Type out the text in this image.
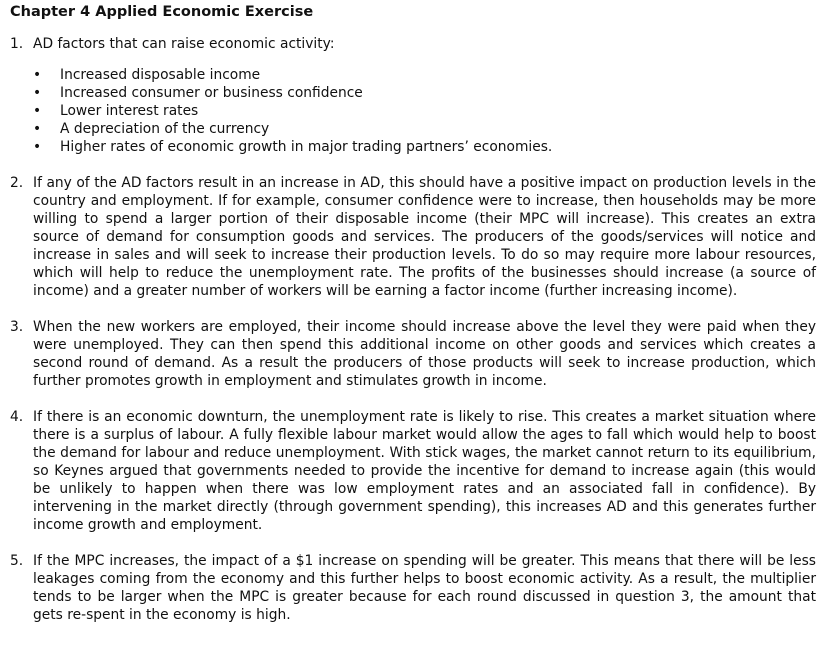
Chapter 4 Applied Economic Exercise
1. AD factors that can raise economic activity:
• Increased disposable income
• Increased consumer or business confidence
• Lower interest rates
• A depreciation of the currency
• Higher rates of economic growth in major trading partners’ economies.
2. If any of the AD factors result in an increase in AD, this should have a positive impact on production levels in the country and employment. If for example, consumer confidence were to increase, then households may be more willing to spend a larger portion of their disposable income (their MPC will increase). This creates an extra source of demand for consumption goods and services. The producers of the goods/services will notice and increase in sales and will seek to increase their production levels. To do so may require more labour resources, which will help to reduce the unemployment rate. The profits of the businesses should increase (a source of income) and a greater number of workers will be earning a factor income (further increasing income).
3. When the new workers are employed, their income should increase above the level they were paid when they were unemployed. They can then spend this additional income on other goods and services which creates a second round of demand. As a result the producers of those products will seek to increase production, which further promotes growth in employment and stimulates growth in income.
4. If there is an economic downturn, the unemployment rate is likely to rise. This creates a market situation where there is a surplus of labour. A fully flexible labour market would allow the ages to fall which would help to boost the demand for labour and reduce unemployment. With stick wages, the market cannot return to its equilibrium, so Keynes argued that governments needed to provide the incentive for demand to increase again (this would be unlikely to happen when there was low employment rates and an associated fall in confidence). By intervening in the market directly (through government spending), this increases AD and this generates further income growth and employment.
5. If the MPC increases, the impact of a $1 increase on spending will be greater. This means that there will be less leakages coming from the economy and this further helps to boost economic activity. As a result, the multiplier tends to be larger when the MPC is greater because for each round discussed in question 3, the amount that gets re-spent in the economy is high.
